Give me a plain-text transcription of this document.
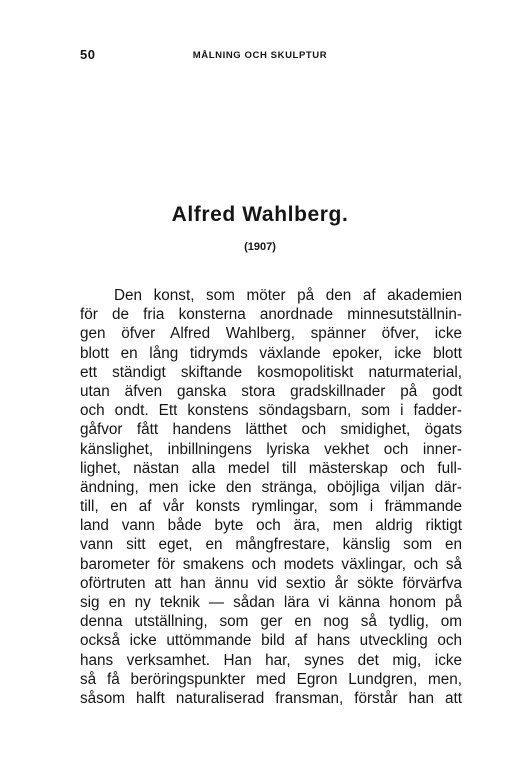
50	MÅLNING OCH SKULPTUR
Alfred Wahlberg.
(1907)
Den konst, som möter på den af akademien
för de fria konsterna anordnade minnesutställnin-
gen öfver Alfred Wahlberg, spänner öfver, icke
blott en lång tidrymds växlande epoker, icke blott
ett ständigt skiftande kosmopolitiskt naturmaterial,
utan äfven ganska stora gradskillnader på godt
och ondt. Ett konstens söndagsbarn, som i fadder-
gåfvor fått handens lätthet och smidighet, ögats
känslighet, inbillningens lyriska vekhet och inner-
lighet, nästan alla medel till mästerskap och full-
ändning, men icke den stränga, oböjliga viljan där-
till, en af vår konsts rymlingar, som i främmande
land vann både byte och ära, men aldrig riktigt
vann sitt eget, en mångfrestare, känslig som en
barometer för smakens och modets växlingar, och så
oförtruten att han ännu vid sextio år sökte förvärfva
sig en ny teknik — sådan lära vi känna honom på
denna utställning, som ger en nog så tydlig, om
också icke uttömmande bild af hans utveckling och
hans verksamhet. Han har, synes det mig, icke
så få beröringspunkter med Egron Lundgren, men,
såsom halft naturaliserad fransman, förstår han att
